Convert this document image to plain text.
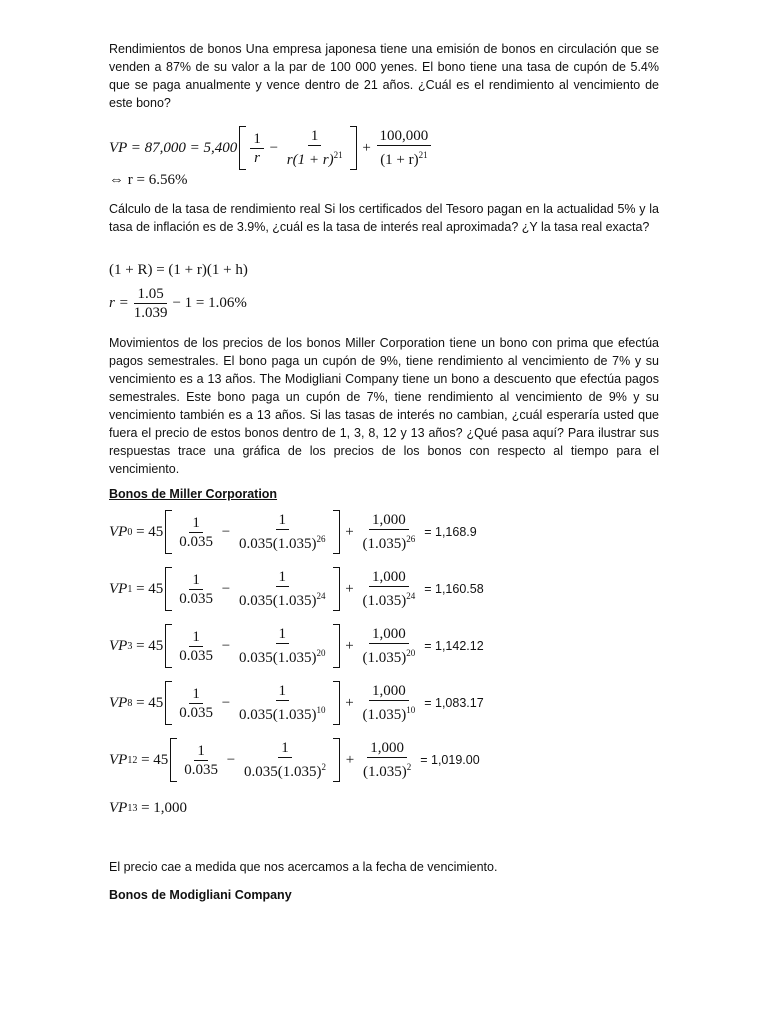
Rendimientos de bonos Una empresa japonesa tiene una emisión de bonos en circulación que se venden a 87% de su valor a la par de 100 000 yenes. El bono tiene una tasa de cupón de 5.4% que se paga anualmente y vence dentro de 21 años. ¿Cuál es el rendimiento al vencimiento de este bono?

VP = $87,000 = 5,400 \frac{1}{r} - \frac{1}{r(1 + r)^{21}} + \frac{100,000}{(1 + r)^{21}}$
⇔ r = 6.56%

Cálculo de la tasa de rendimiento real Si los certificados del Tesoro pagan en la actualidad 5% y la tasa de inflación es de 3.9%, ¿cuál es la tasa de interés real aproximada? ¿Y la tasa real exacta?

(1 + R) = (1 + r)(1 + h)
$r = \frac{1.05}{1.039} - 1 = 1.06\%$

Movimientos de los precios de los bonos Miller Corporation tiene un bono con prima que efectúa pagos semestrales. El bono paga un cupón de 9%, tiene rendimiento al vencimiento de 7% y su vencimiento es a 13 años. The Modigliani Company tiene un bono a descuento que efectúa pagos semestrales. Este bono paga un cupón de 7%, tiene rendimiento al vencimiento de 9% y su vencimiento también es a 13 años. Si las tasas de interés no cambian, ¿cuál esperaría usted que fuera el precio de estos bonos dentro de 1, 3, 8, 12 y 13 años? ¿Qué pasa aquí? Para ilustrar sus respuestas trace una gráfica de los precios de los bonos con respecto al tiempo para el vencimiento.

Bonos de Miller Corporation

VP $0 = 45 \frac{1}{0.035} - \frac{1}{0.035(1.035)^{26}} + \frac{1,000}{(1.035)^{26}} = 1,168.9$
VP $1 = 45 \frac{1}{0.035} - \frac{1}{0.035(1.035)^{24}} + \frac{1,000}{(1.035)^{24}} = 1,160.58$
VP $3 = 45 \frac{1}{0.035} - \frac{1}{0.035(1.035)^{20}} + \frac{1,000}{(1.035)^{20}} = 1,142.12$
VP $8 = 45 \frac{1}{0.035} - \frac{1}{0.035(1.035)^{10}} + \frac{1,000}{(1.035)^{10}} = 1,083.17$
VP $12 = 45 \frac{1}{0.035} - \frac{1}{0.035(1.035)^2} + \frac{1,000}{(1.035)^2} = 1,019.00$
VP 13
= 1,000

El precio cae a medida que nos acercamos a la fecha de vencimiento.

Bonos de Modigliani Company
